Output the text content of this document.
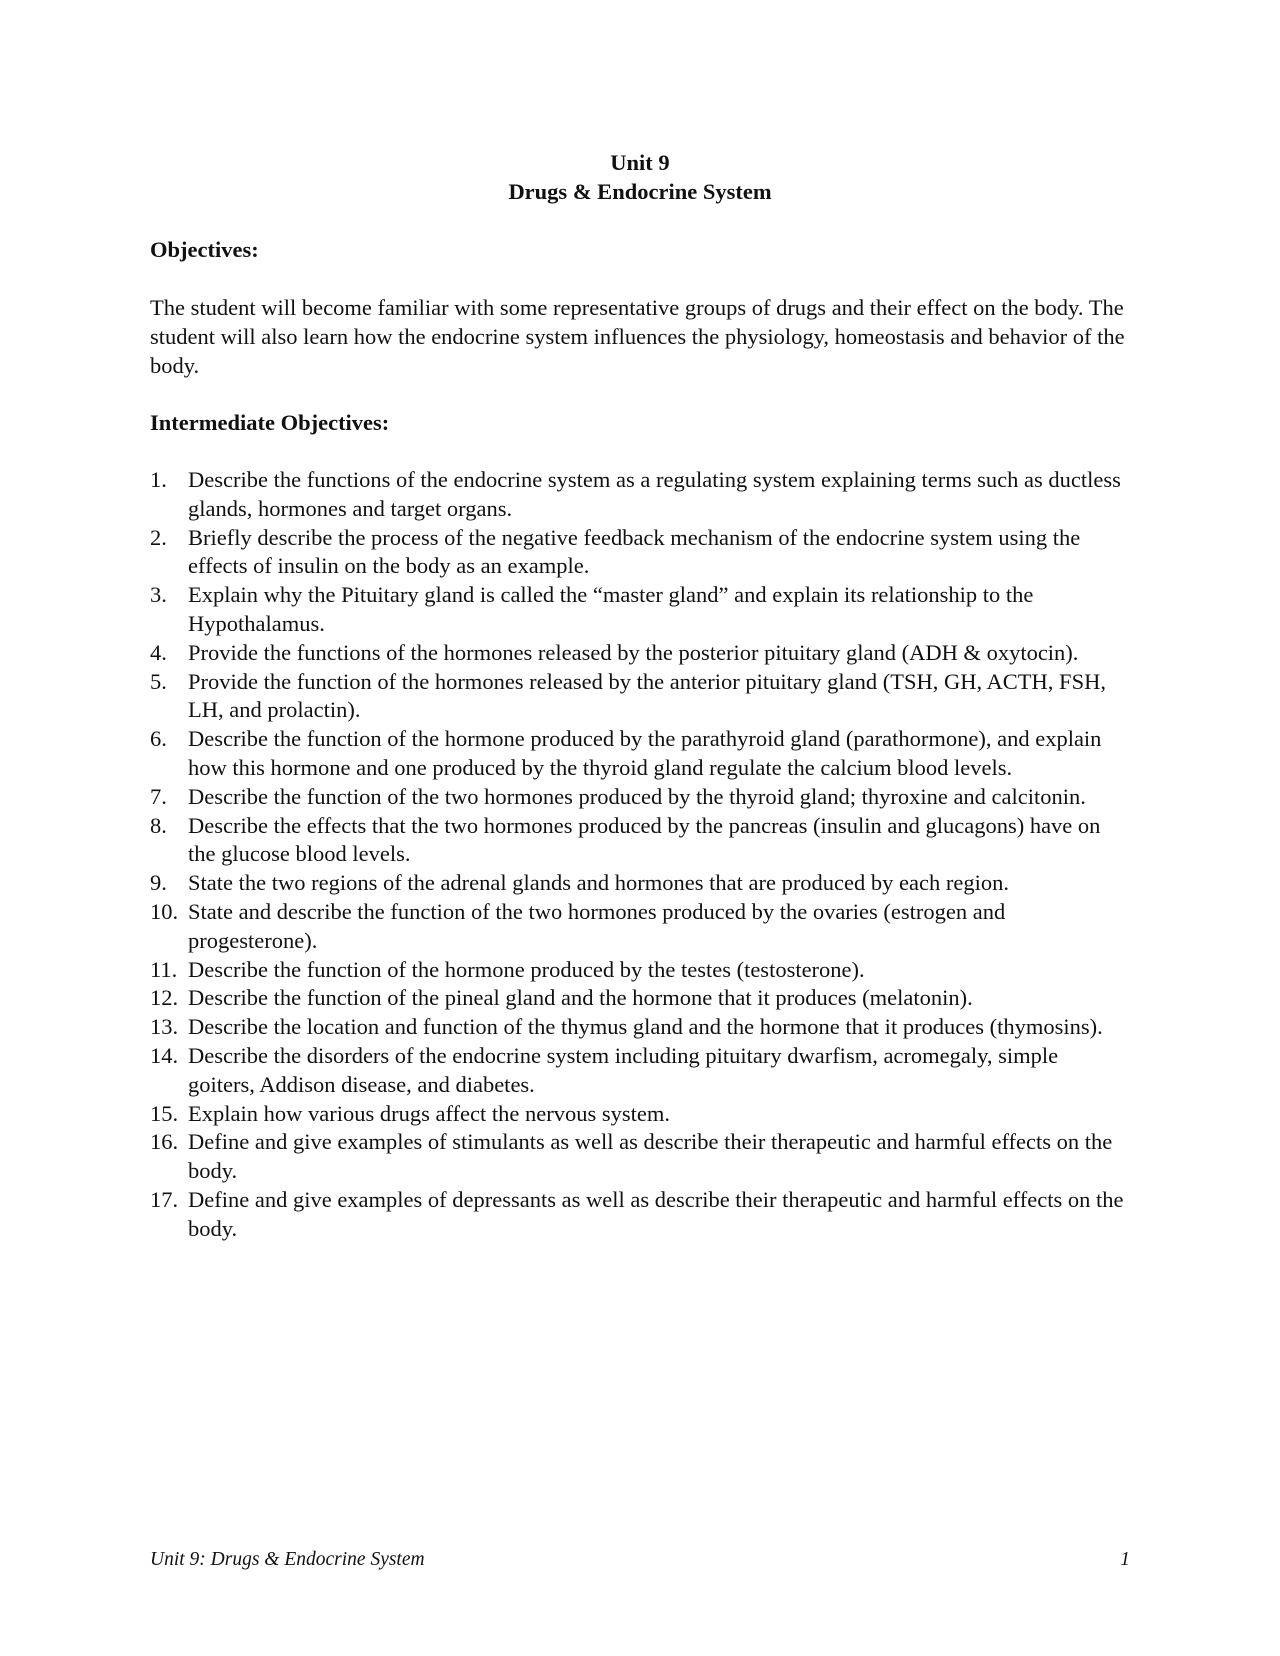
Unit 9
Drugs & Endocrine System
Objectives:
The student will become familiar with some representative groups of drugs and their effect on the body. The student will also learn how the endocrine system influences the physiology, homeostasis and behavior of the body.
Intermediate Objectives:
1. Describe the functions of the endocrine system as a regulating system explaining terms such as ductless glands, hormones and target organs.
2. Briefly describe the process of the negative feedback mechanism of the endocrine system using the effects of insulin on the body as an example.
3. Explain why the Pituitary gland is called the “master gland” and explain its relationship to the Hypothalamus.
4. Provide the functions of the hormones released by the posterior pituitary gland (ADH & oxytocin).
5. Provide the function of the hormones released by the anterior pituitary gland (TSH, GH, ACTH, FSH, LH, and prolactin).
6. Describe the function of the hormone produced by the parathyroid gland (parathormone), and explain how this hormone and one produced by the thyroid gland regulate the calcium blood levels.
7. Describe the function of the two hormones produced by the thyroid gland; thyroxine and calcitonin.
8. Describe the effects that the two hormones produced by the pancreas (insulin and glucagons) have on the glucose blood levels.
9. State the two regions of the adrenal glands and hormones that are produced by each region.
10. State and describe the function of the two hormones produced by the ovaries (estrogen and progesterone).
11. Describe the function of the hormone produced by the testes (testosterone).
12. Describe the function of the pineal gland and the hormone that it produces (melatonin).
13. Describe the location and function of the thymus gland and the hormone that it produces (thymosins).
14. Describe the disorders of the endocrine system including pituitary dwarfism, acromegaly, simple goiters, Addison disease, and diabetes.
15. Explain how various drugs affect the nervous system.
16. Define and give examples of stimulants as well as describe their therapeutic and harmful effects on the body.
17. Define and give examples of depressants as well as describe their therapeutic and harmful effects on the body.
Unit 9: Drugs & Endocrine System	1
